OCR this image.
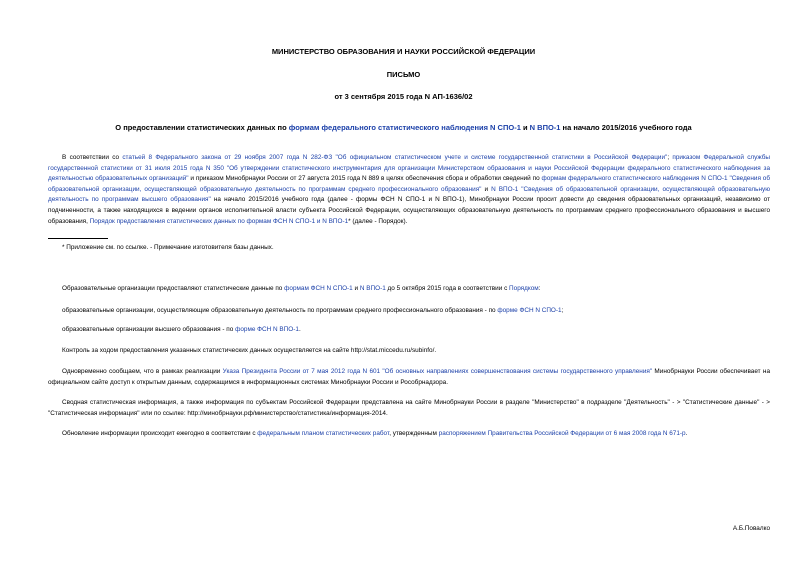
МИНИСТЕРСТВО ОБРАЗОВАНИЯ И НАУКИ РОССИЙСКОЙ ФЕДЕРАЦИИ
ПИСЬМО
от 3 сентября 2015 года N АП-1636/02
О предоставлении статистических данных по формам федерального статистического наблюдения N СПО-1 и N ВПО-1 на начало 2015/2016 учебного года
В соответствии со статьей 8 Федерального закона от 29 ноября 2007 года N 282-ФЗ "Об официальном статистическом учете и системе государственной статистики в Российской Федерации"; приказом Федеральной службы государственной статистики от 31 июля 2015 года N 350 "Об утверждении статистического инструментария для организации Министерством образования и науки Российской Федерации федерального статистического наблюдения за деятельностью образовательных организаций" и приказом Минобрнауки России от 27 августа 2015 года N 889 в целях обеспечения сбора и обработки сведений по формам федерального статистического наблюдения N СПО-1 "Сведения об образовательной организации, осуществляющей образовательную деятельность по программам среднего профессионального образования" и N ВПО-1 "Сведения об образовательной организации, осуществляющей образовательную деятельность по программам высшего образования" на начало 2015/2016 учебного года (далее - формы ФСН N СПО-1 и N ВПО-1), Минобрнауки России просит довести до сведения образовательных организаций, независимо от подчиненности, а также находящихся в ведении органов исполнительной власти субъекта Российской Федерации, осуществляющих образовательную деятельность по программам среднего профессионального образования и высшего образования, Порядок предоставления статистических данных по формам ФСН N СПО-1 и N ВПО-1* (далее - Порядок).
* Приложение см. по ссылке. - Примечание изготовителя базы данных.
Образовательные организации предоставляют статистические данные по формам ФСН N СПО-1 и N ВПО-1 до 5 октября 2015 года в соответствии с Порядком:
образовательные организации, осуществляющие образовательную деятельность по программам среднего профессионального образования - по форме ФСН N СПО-1;
образовательные организации высшего образования - по форме ФСН N ВПО-1.
Контроль за ходом предоставления указанных статистических данных осуществляется на сайте http://stat.miccedu.ru/subinfo/.
Одновременно сообщаем, что в рамках реализации Указа Президента России от 7 мая 2012 года N 601 "Об основных направлениях совершенствования системы государственного управления" Минобрнауки России обеспечивает на официальном сайте доступ к открытым данным, содержащимся в информационных системах Минобрнауки России и Рособрнадзора.
Сводная статистическая информация, а также информация по субъектам Российской Федерации представлена на сайте Минобрнауки России в разделе "Министерство" в подразделе "Деятельность" - > "Статистические данные" - > "Статистическая информация" или по ссылке: http://минобрнауки.рф/министерство/статистика/информация-2014.
Обновление информации происходит ежегодно в соответствии с федеральным планом статистических работ, утвержденным распоряжением Правительства Российской Федерации от 6 мая 2008 года N 671-р.
А.Б.Повалко
